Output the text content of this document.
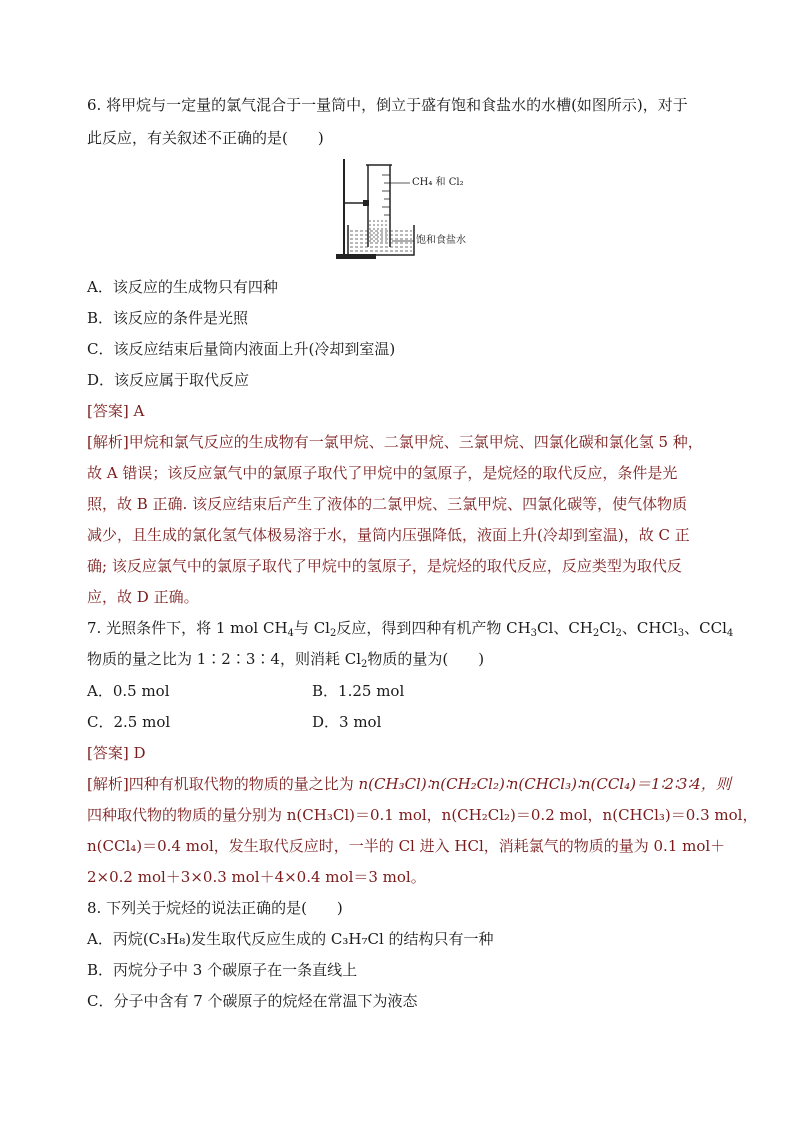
6. 将甲烷与一定量的氯气混合于一量筒中，倒立于盛有饱和食盐水的水槽(如图所示)，对于
此反应，有关叙述不正确的是(　　)
CH₄ 和 Cl₂
饱和食盐水
A．该反应的生成物只有四种
B．该反应的条件是光照
C．该反应结束后量筒内液面上升(冷却到室温)
D．该反应属于取代反应
[答案] A
[解析]甲烷和氯气反应的生成物有一氯甲烷、二氯甲烷、三氯甲烷、四氯化碳和氯化氢 5 种，
故 A 错误；该反应氯气中的氯原子取代了甲烷中的氢原子，是烷烃的取代反应，条件是光
照，故 B 正确. 该反应结束后产生了液体的二氯甲烷、三氯甲烷、四氯化碳等，使气体物质
减少，且生成的氯化氢气体极易溶于水，量筒内压强降低，液面上升(冷却到室温)，故 C 正
确; 该反应氯气中的氯原子取代了甲烷中的氢原子，是烷烃的取代反应，反应类型为取代反
应，故 D 正确。
7. 光照条件下，将 1 mol $CH_4$与 $Cl_2$反应，得到四种有机产物 $CH_3Cl$、$CH_2Cl_2$、CHCl$_3$、CCl$_4$
物质的量之比为 1∶2∶3∶4，则消耗 $Cl_2$物质的量为(　　)
A．0.5 mol	B．1.25 mol
C．2.5 mol	D．3 mol
[答案] D
[解析]四种有机取代物的物质的量之比为 n(CH₃Cl)∶n(CH₂Cl₂)∶n(CHCl₃)∶n(CCl₄)＝1∶2∶3∶4，则
四种取代物的物质的量分别为 n(CH₃Cl)＝0.1 mol，n(CH₂Cl₂)＝0.2 mol，n(CHCl₃)＝0.3 mol，
n(CCl₄)＝0.4 mol，发生取代反应时，一半的 Cl 进入 HCl，消耗氯气的物质的量为 0.1 mol＋
2×0.2 mol＋3×0.3 mol＋4×0.4 mol＝3 mol。
8. 下列关于烷烃的说法正确的是(　　)
A．丙烷(C₃H₈)发生取代反应生成的 C₃H₇Cl 的结构只有一种
B．丙烷分子中 3 个碳原子在一条直线上
C．分子中含有 7 个碳原子的烷烃在常温下为液态
